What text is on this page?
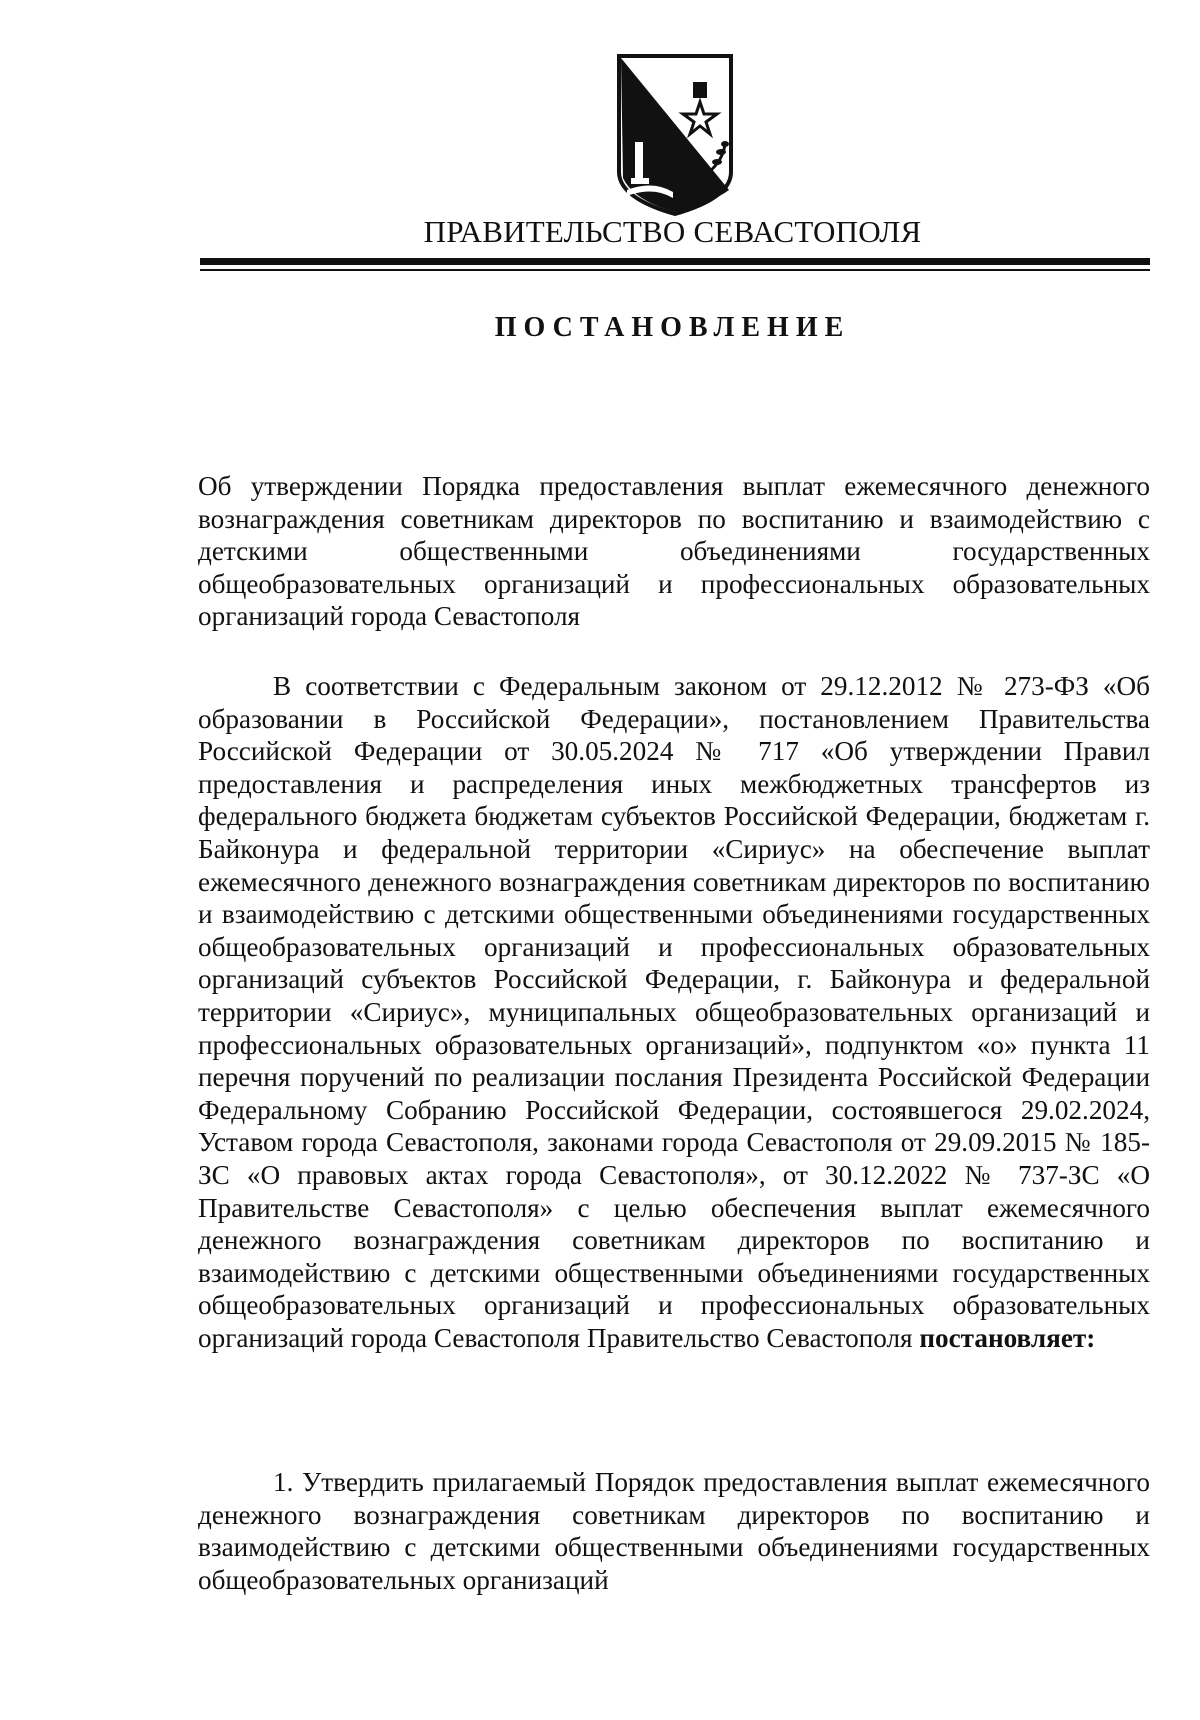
ПРАВИТЕЛЬСТВО СЕВАСТОПОЛЯ
ПОСТАНОВЛЕНИЕ
Об утверждении Порядка предоставления выплат ежемесячного денежного вознаграждения советникам директоров по воспитанию и взаимодействию с детскими общественными объединениями государственных общеобразовательных организаций и профессиональных образовательных организаций города Севастополя
В соответствии с Федеральным законом от 29.12.2012 № 273-ФЗ «Об образовании в Российской Федерации», постановлением Правительства Российской Федерации от 30.05.2024 № 717 «Об утверждении Правил предоставления и распределения иных межбюджетных трансфертов из федерального бюджета бюджетам субъектов Российской Федерации, бюджетам г. Байконура и федеральной территории «Сириус» на обеспечение выплат ежемесячного денежного вознаграждения советникам директоров по воспитанию и взаимодействию с детскими общественными объединениями государственных общеобразовательных организаций и профессиональных образовательных организаций субъектов Российской Федерации, г. Байконура и федеральной территории «Сириус», муниципальных общеобразовательных организаций и профессиональных образовательных организаций», подпунктом «о» пункта 11 перечня поручений по реализации послания Президента Российской Федерации Федеральному Собранию Российской Федерации, состоявшегося 29.02.2024, Уставом города Севастополя, законами города Севастополя от 29.09.2015 № 185-ЗС «О правовых актах города Севастополя», от 30.12.2022 № 737-ЗС «О Правительстве Севастополя» с целью обеспечения выплат ежемесячного денежного вознаграждения советникам директоров по воспитанию и взаимодействию с детскими общественными объединениями государственных общеобразовательных организаций и профессиональных образовательных организаций города Севастополя Правительство Севастополя постановляет:
1. Утвердить прилагаемый Порядок предоставления выплат ежемесячного денежного вознаграждения советникам директоров по воспитанию и взаимодействию с детскими общественными объединениями государственных общеобразовательных организаций
